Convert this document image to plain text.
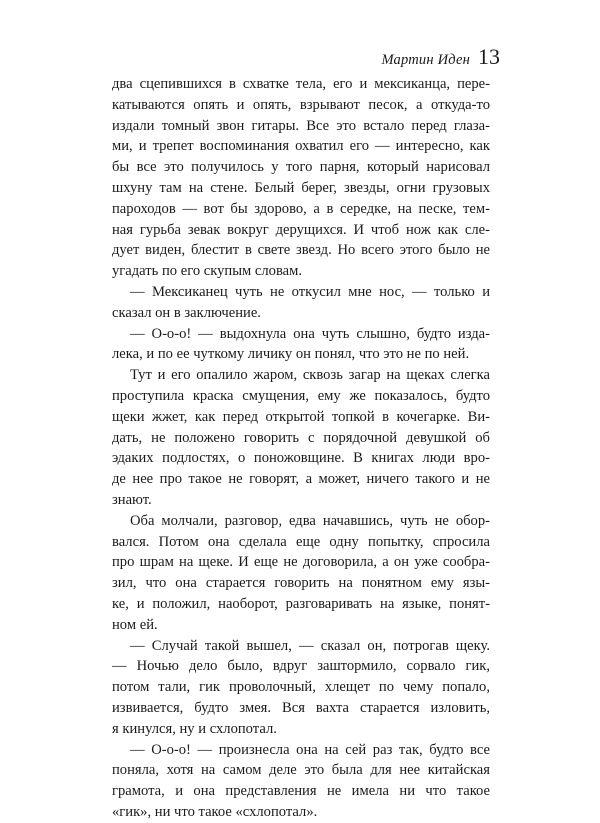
Мартин Иден 13
два сцепившихся в схватке тела, его и мексиканца, пере-
катываются опять и опять, взрывают песок, а откуда-то
издали томный звон гитары. Все это встало перед глаза-
ми, и трепет воспоминания охватил его — интересно, как
бы все это получилось у того парня, который нарисовал
шхуну там на стене. Белый берег, звезды, огни грузовых
пароходов — вот бы здорово, а в середке, на песке, тем-
ная гурьба зевак вокруг дерущихся. И чтоб нож как сле-
дует виден, блестит в свете звезд. Но всего этого было не
угадать по его скупым словам.
— Мексиканец чуть не откусил мне нос, — только и
сказал он в заключение.
— О-о-о! — выдохнула она чуть слышно, будто изда-
лека, и по ее чуткому личику он понял, что это не по ней.
Тут и его опалило жаром, сквозь загар на щеках слегка
проступила краска смущения, ему же показалось, будто
щеки жжет, как перед открытой топкой в кочегарке. Ви-
дать, не положено говорить с порядочной девушкой об
эдаких подлостях, о поножовщине. В книгах люди вро-
де нее про такое не говорят, а может, ничего такого и не
знают.
Оба молчали, разговор, едва начавшись, чуть не обор-
вался. Потом она сделала еще одну попытку, спросила
про шрам на щеке. И еще не договорила, а он уже сообра-
зил, что она старается говорить на понятном ему язы-
ке, и положил, наоборот, разговаривать на языке, понят-
ном ей.
— Случай такой вышел, — сказал он, потрогав щеку.
— Ночью дело было, вдруг заштормило, сорвало гик,
потом тали, гик проволочный, хлещет по чему попало,
извивается, будто змея. Вся вахта старается изловить,
я кинулся, ну и схлопотал.
— О-о-о! — произнесла она на сей раз так, будто все
поняла, хотя на самом деле это была для нее китайская
грамота, и она представления не имела ни что такое
«гик», ни что такое «схлопотал».
